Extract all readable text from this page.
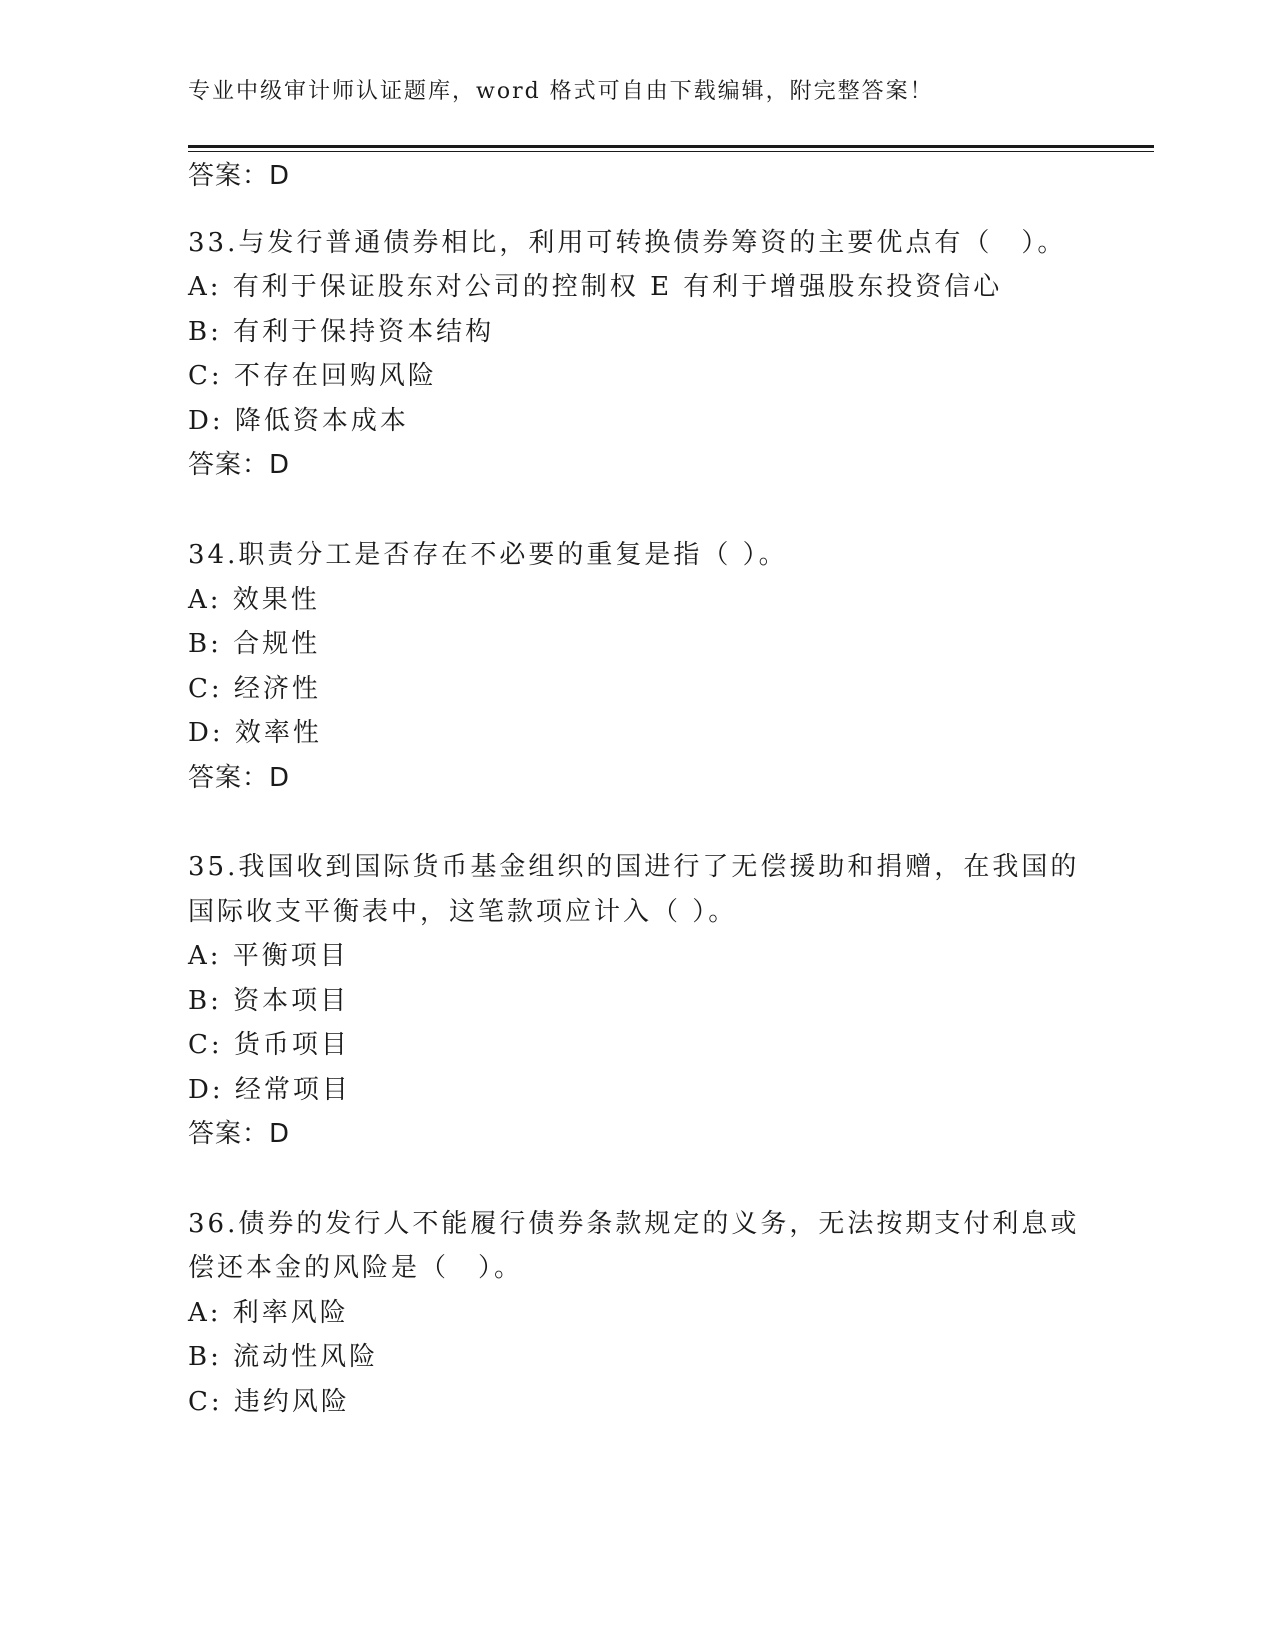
专业中级审计师认证题库，word 格式可自由下载编辑，附完整答案！
答案：D
33.与发行普通债券相比，利用可转换债券筹资的主要优点有（　）。
A: 有利于保证股东对公司的控制权 E 有利于增强股东投资信心
B: 有利于保持资本结构
C: 不存在回购风险
D: 降低资本成本
答案：D
34.职责分工是否存在不必要的重复是指（ ）。
A: 效果性
B: 合规性
C: 经济性
D: 效率性
答案：D
35.我国收到国际货币基金组织的国进行了无偿援助和捐赠，在我国的
国际收支平衡表中，这笔款项应计入（ ）。
A: 平衡项目
B: 资本项目
C: 货币项目
D: 经常项目
答案：D
36.债券的发行人不能履行债券条款规定的义务，无法按期支付利息或
偿还本金的风险是（　）。
A: 利率风险
B: 流动性风险
C: 违约风险
